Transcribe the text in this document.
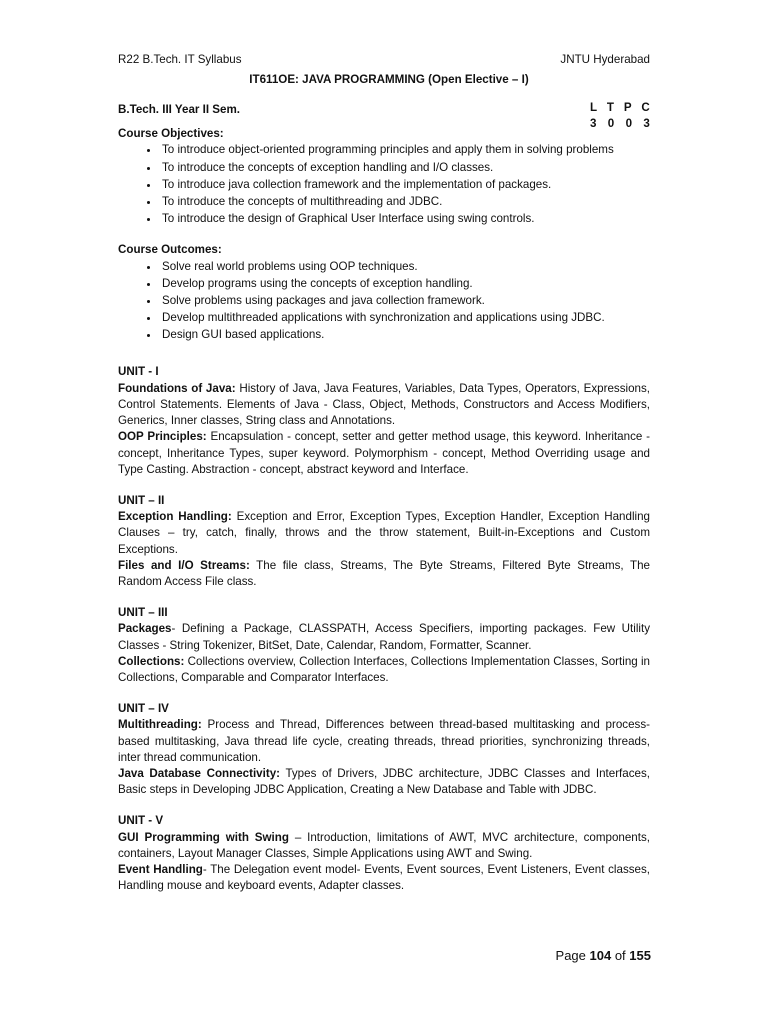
R22 B.Tech. IT Syllabus	JNTU Hyderabad
IT611OE: JAVA PROGRAMMING (Open Elective – I)
B.Tech. III Year II Sem.	L T P C
3 0 0 3
Course Objectives:
• To introduce object-oriented programming principles and apply them in solving problems
• To introduce the concepts of exception handling and I/O classes.
• To introduce java collection framework and the implementation of packages.
• To introduce the concepts of multithreading and JDBC.
• To introduce the design of Graphical User Interface using swing controls.
Course Outcomes:
• Solve real world problems using OOP techniques.
• Develop programs using the concepts of exception handling.
• Solve problems using packages and java collection framework.
• Develop multithreaded applications with synchronization and applications using JDBC.
• Design GUI based applications.
UNIT - I

Foundations of Java: History of Java, Java Features, Variables, Data Types, Operators, Expressions, Control Statements. Elements of Java - Class, Object, Methods, Constructors and Access Modifiers, Generics, Inner classes, String class and Annotations.

OOP Principles: Encapsulation - concept, setter and getter method usage, this keyword. Inheritance - concept, Inheritance Types, super keyword. Polymorphism - concept, Method Overriding usage and Type Casting. Abstraction - concept, abstract keyword and Interface.

UNIT – II

Exception Handling: Exception and Error, Exception Types, Exception Handler, Exception Handling Clauses – try, catch, finally, throws and the throw statement, Built-in-Exceptions and Custom Exceptions.

Files and I/O Streams: The file class, Streams, The Byte Streams, Filtered Byte Streams, The Random Access File class.

UNIT – III

Packages- Defining a Package, CLASSPATH, Access Specifiers, importing packages. Few Utility Classes - String Tokenizer, BitSet, Date, Calendar, Random, Formatter, Scanner.

Collections: Collections overview, Collection Interfaces, Collections Implementation Classes, Sorting in Collections, Comparable and Comparator Interfaces.

UNIT – IV

Multithreading: Process and Thread, Differences between thread-based multitasking and process-based multitasking, Java thread life cycle, creating threads, thread priorities, synchronizing threads, inter thread communication.

Java Database Connectivity: Types of Drivers, JDBC architecture, JDBC Classes and Interfaces, Basic steps in Developing JDBC Application, Creating a New Database and Table with JDBC.

UNIT - V

GUI Programming with Swing – Introduction, limitations of AWT, MVC architecture, components, containers, Layout Manager Classes, Simple Applications using AWT and Swing.

Event Handling- The Delegation event model- Events, Event sources, Event Listeners, Event classes, Handling mouse and keyboard events, Adapter classes.

Page 104 of 155
